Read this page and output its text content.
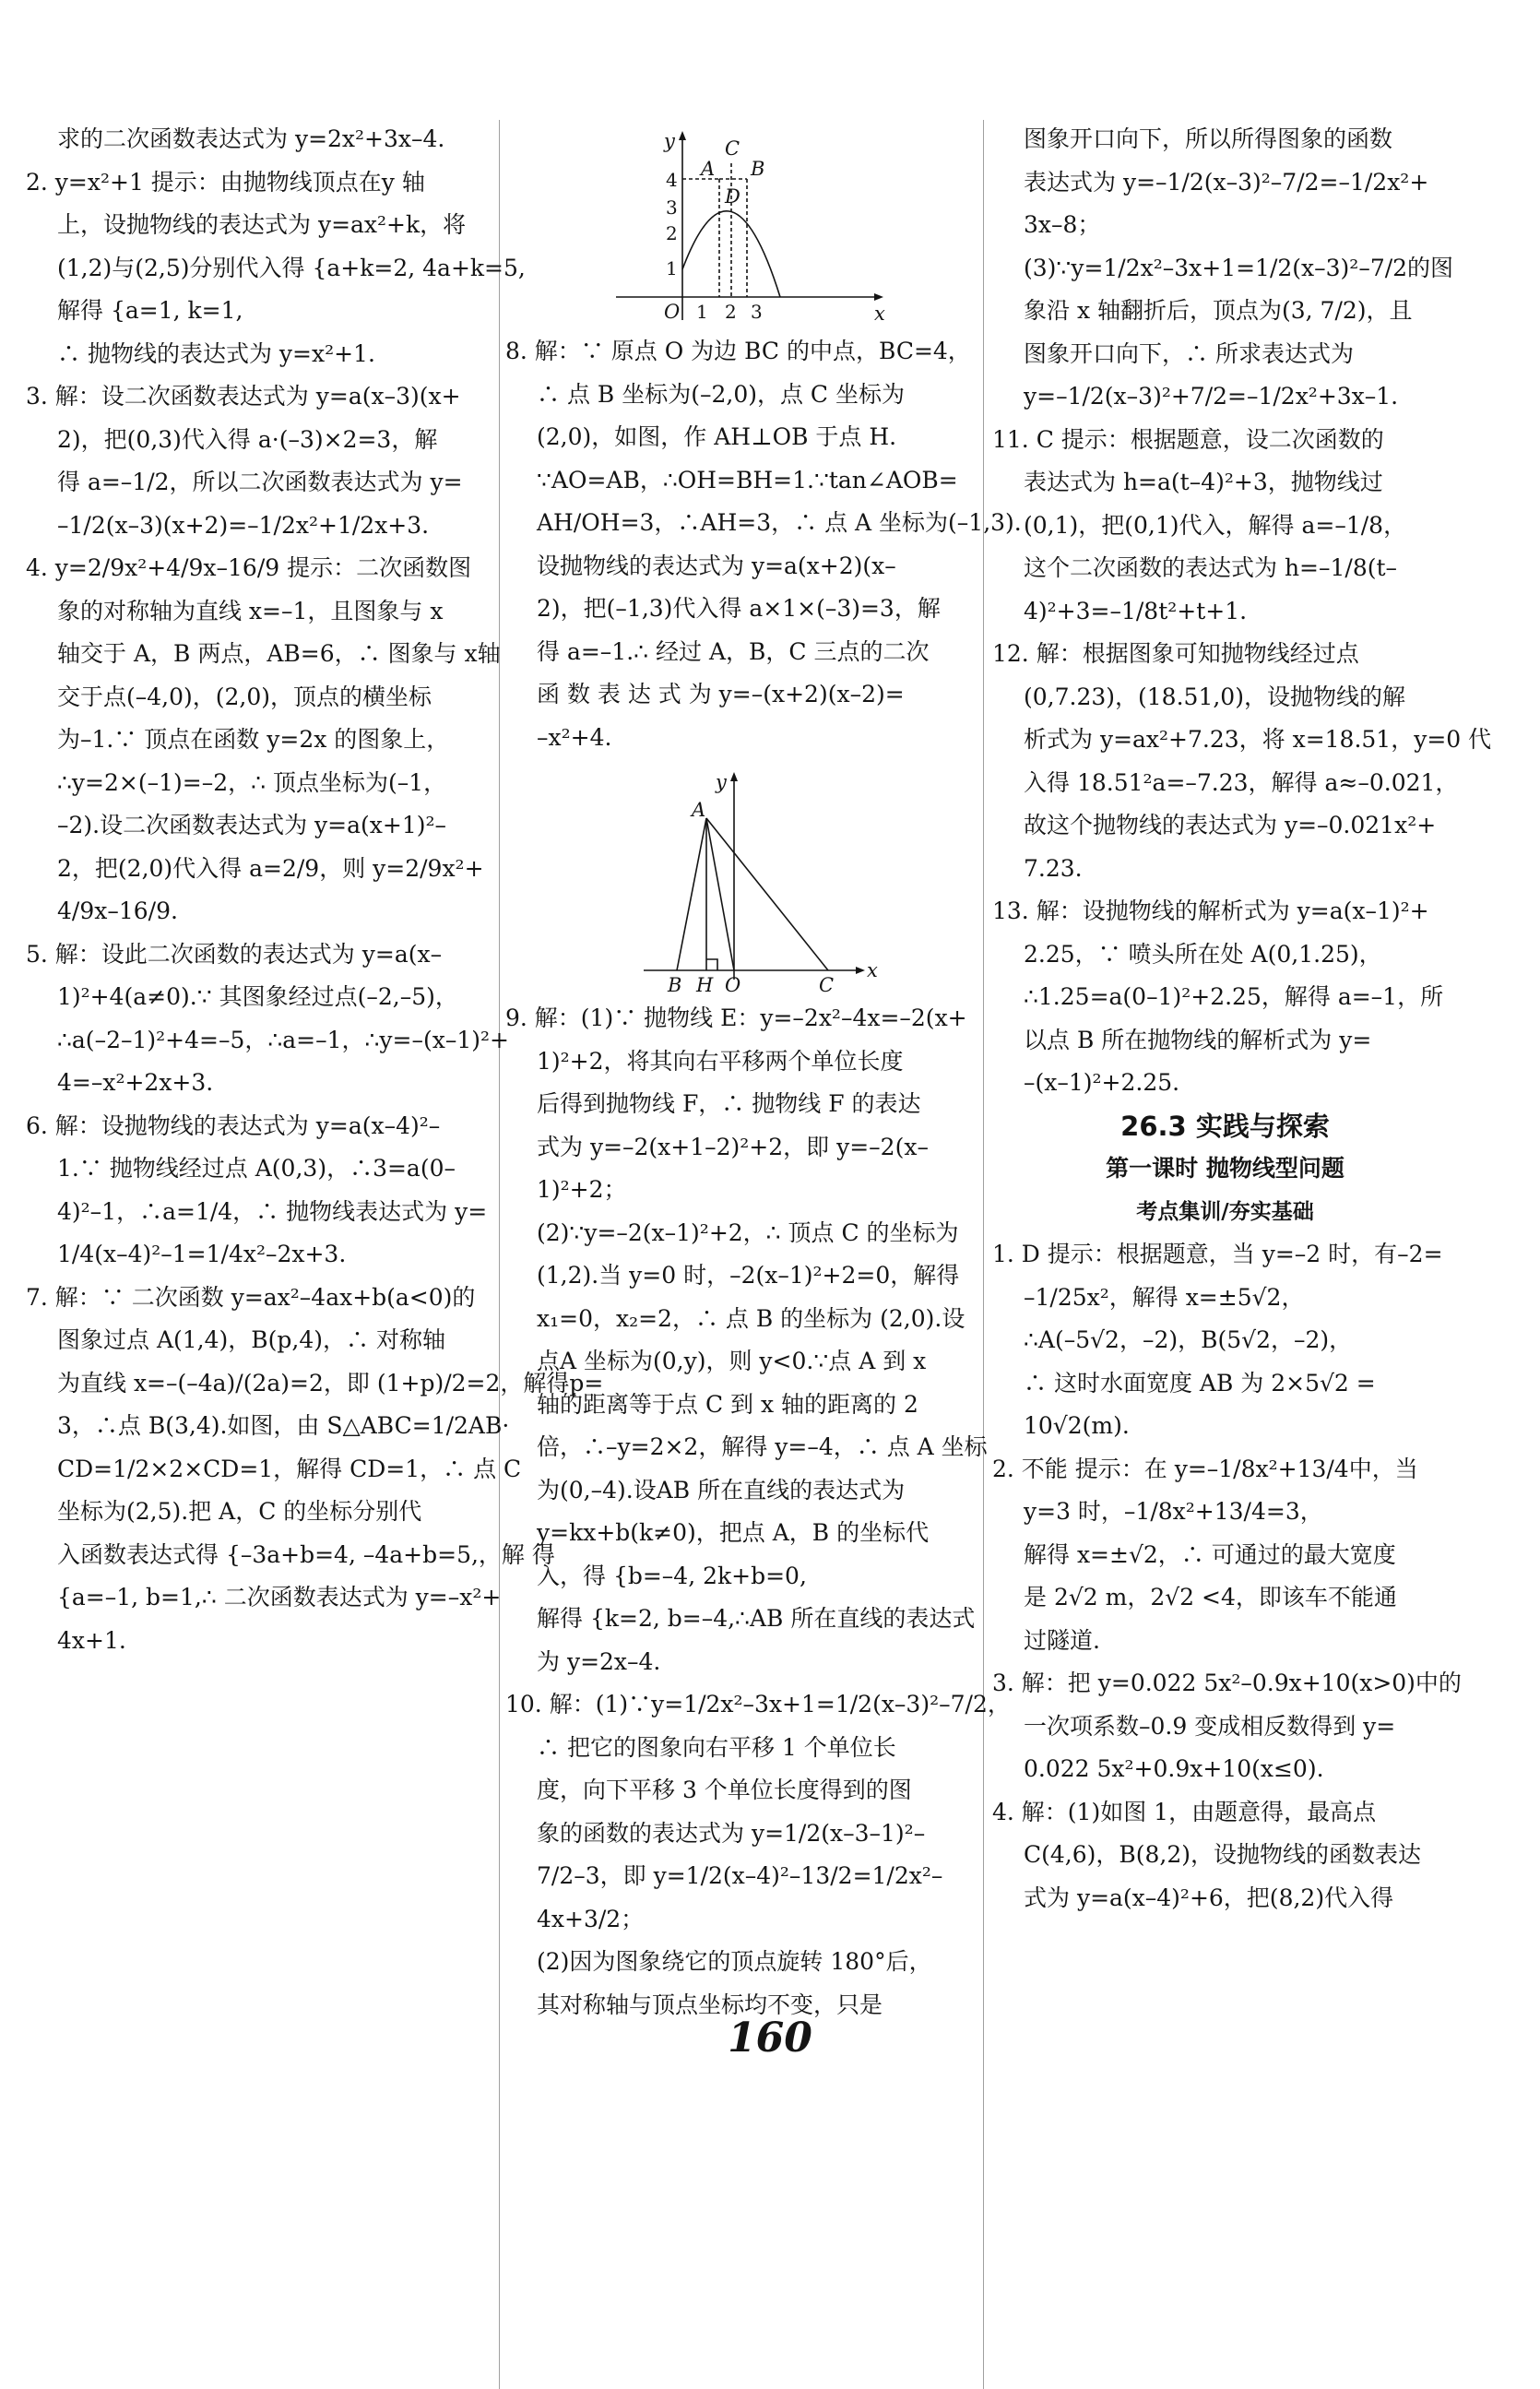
求的二次函数表达式为 y=2x²+3x–4.

2. y=x²+1 提示：由抛物线顶点在y 轴

上，设抛物线的表达式为 y=ax²+k，将

(1,2)与(2,5)分别代入得 {a+k=2, 4a+k=5,

解得 {a=1, k=1,

∴ 抛物线的表达式为 y=x²+1.

3. 解：设二次函数表达式为 y=a(x–3)(x+

2)，把(0,3)代入得 a·(–3)×2=3，解

得 a=–1/2，所以二次函数表达式为 y=

–1/2(x–3)(x+2)=–1/2x²+1/2x+3.

4. y=2/9x²+4/9x–16/9 提示：二次函数图

象的对称轴为直线 x=–1，且图象与 x

轴交于 A，B 两点，AB=6，∴ 图象与 x轴

交于点(–4,0)，(2,0)，顶点的横坐标

为–1.∵ 顶点在函数 y=2x 的图象上，

∴y=2×(–1)=–2，∴ 顶点坐标为(–1，

–2).设二次函数表达式为 y=a(x+1)²–

2，把(2,0)代入得 a=2/9，则 y=2/9x²+

4/9x–16/9.

5. 解：设此二次函数的表达式为 y=a(x–

1)²+4(a≠0).∵ 其图象经过点(–2,–5)，

∴a(–2–1)²+4=–5，∴a=–1，∴y=–(x–1)²+

4=–x²+2x+3.

6. 解：设抛物线的表达式为 y=a(x–4)²–

1.∵ 抛物线经过点 A(0,3)，∴3=a(0–

4)²–1，∴a=1/4，∴ 抛物线表达式为 y=

1/4(x–4)²–1=1/4x²–2x+3.

7. 解：∵ 二次函数 y=ax²–4ax+b(a<0)的

图象过点 A(1,4)，B(p,4)，∴ 对称轴

为直线 x=–(–4a)/(2a)=2，即 (1+p)/2=2，解得p=

3，∴点 B(3,4).如图，由 S△ABC=1/2AB·

CD=1/2×2×CD=1，解得 CD=1，∴ 点 C

坐标为(2,5).把 A，C 的坐标分别代

入函数表达式得 {–3a+b=4, –4a+b=5,，解 得

{a=–1, b=1,∴ 二次函数表达式为 y=–x²+

4x+1.

y
x
O
A B
C
D
1 2 3
1
2
3
4

8. 解：∵ 原点 O 为边 BC 的中点，BC=4，

∴ 点 B 坐标为(–2,0)，点 C 坐标为

(2,0)，如图，作 AH⊥OB 于点 H.

∵AO=AB，∴OH=BH=1.∵tan∠AOB=

AH/OH=3，∴AH=3，∴ 点 A 坐标为(–1,3).

设抛物线的表达式为 y=a(x+2)(x–

2)，把(–1,3)代入得 a×1×(–3)=3，解

得 a=–1.∴ 经过 A，B，C 三点的二次

函 数 表 达 式 为 y=–(x+2)(x–2)=

–x²+4.

y
x
A
B H O	C

9. 解：(1)∵ 抛物线 E：y=–2x²–4x=–2(x+

1)²+2，将其向右平移两个单位长度

后得到抛物线 F，∴ 抛物线 F 的表达

式为 y=–2(x+1–2)²+2，即 y=–2(x–

1)²+2；

(2)∵y=–2(x–1)²+2，∴ 顶点 C 的坐标为

(1,2).当 y=0 时，–2(x–1)²+2=0，解得

x₁=0，x₂=2，∴ 点 B 的坐标为 (2,0).设

点A 坐标为(0,y)，则 y<0.∵点 A 到 x

轴的距离等于点 C 到 x 轴的距离的 2

倍，∴–y=2×2，解得 y=–4，∴ 点 A 坐标

为(0,–4).设AB 所在直线的表达式为

y=kx+b(k≠0)，把点 A，B 的坐标代

入，得 {b=–4, 2k+b=0,

解得 {k=2, b=–4,∴AB 所在直线的表达式

为 y=2x–4.

10. 解：(1)∵y=1/2x²–3x+1=1/2(x–3)²–7/2，

∴ 把它的图象向右平移 1 个单位长

度，向下平移 3 个单位长度得到的图

象的函数的表达式为 y=1/2(x–3–1)²–

7/2–3，即 y=1/2(x–4)²–13/2=1/2x²–

4x+3/2；

(2)因为图象绕它的顶点旋转 180°后，

其对称轴与顶点坐标均不变，只是

图象开口向下，所以所得图象的函数

表达式为 y=–1/2(x–3)²–7/2=–1/2x²+

3x–8；

(3)∵y=1/2x²–3x+1=1/2(x–3)²–7/2的图

象沿 x 轴翻折后，顶点为(3, 7/2)，且

图象开口向下，∴ 所求表达式为

y=–1/2(x–3)²+7/2=–1/2x²+3x–1.

11. C 提示：根据题意，设二次函数的

表达式为 h=a(t–4)²+3，抛物线过

(0,1)，把(0,1)代入，解得 a=–1/8，

这个二次函数的表达式为 h=–1/8(t–

4)²+3=–1/8t²+t+1.

12. 解：根据图象可知抛物线经过点

(0,7.23)，(18.51,0)，设抛物线的解

析式为 y=ax²+7.23，将 x=18.51，y=0 代

入得 18.51²a=–7.23，解得 a≈–0.021，

故这个抛物线的表达式为 y=–0.021x²+

7.23.

13. 解：设抛物线的解析式为 y=a(x–1)²+

2.25，∵ 喷头所在处 A(0,1.25)，

∴1.25=a(0–1)²+2.25，解得 a=–1，所

以点 B 所在抛物线的解析式为 y=

–(x–1)²+2.25.

26.3 实践与探索

第一课时 抛物线型问题

考点集训/夯实基础

1. D 提示：根据题意，当 y=–2 时，有–2=

–1/25x²，解得 x=±5√2，

∴A(–5√2，–2)，B(5√2，–2)，

∴ 这时水面宽度 AB 为 2×5√2 =

10√2(m).

2. 不能 提示：在 y=–1/8x²+13/4中，当

y=3 时，–1/8x²+13/4=3，

解得 x=±√2，∴ 可通过的最大宽度

是 2√2 m，2√2 <4，即该车不能通

过隧道.

3. 解：把 y=0.022 5x²–0.9x+10(x>0)中的

一次项系数–0.9 变成相反数得到 y=

0.022 5x²+0.9x+10(x≤0).

4. 解：(1)如图 1，由题意得，最高点

C(4,6)，B(8,2)，设抛物线的函数表达

式为 y=a(x–4)²+6，把(8,2)代入得

160
